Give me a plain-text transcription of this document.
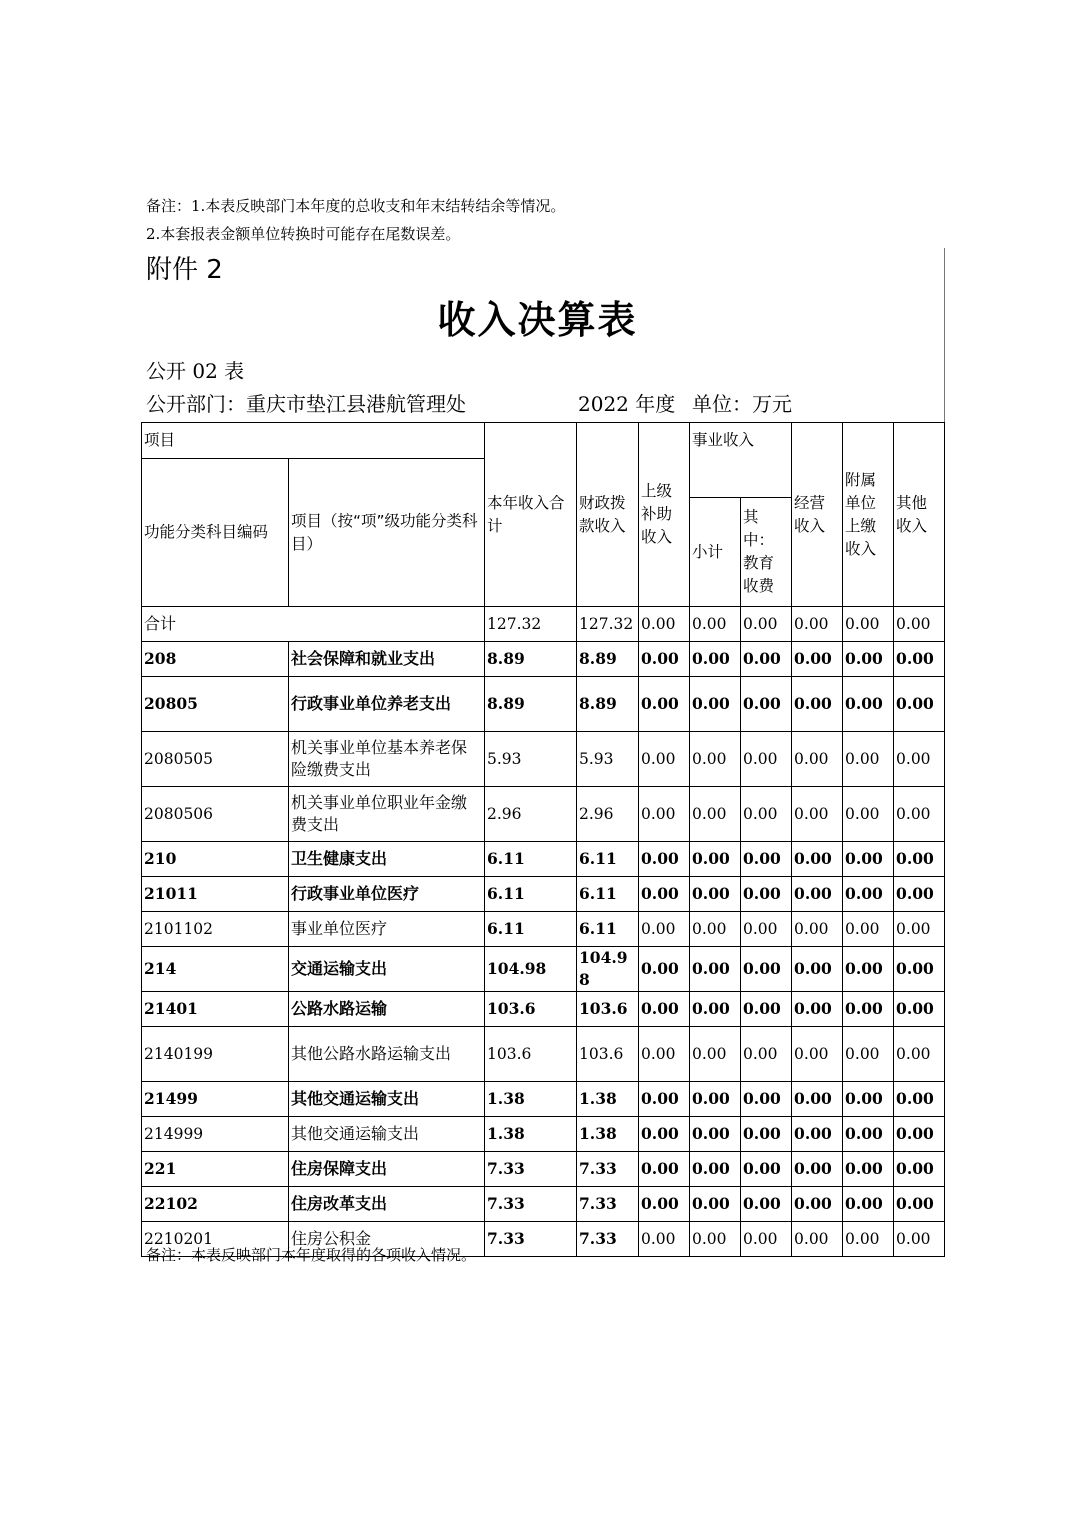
备注：1.本表反映部门本年度的总收支和年末结转结余等情况。
2.本套报表金额单位转换时可能存在尾数误差。
附件 2
收入决算表
公开 02 表
公开部门：重庆市垫江县港航管理处	2022 年度 单位：万元
项目		本年收入合计	财政拨款收入	上级补助收入	事业收入		经营收入	附属单位上缴收入	其他收入
功能分类科目编码	项目（按“项”级功能分类科目）								
					小计	其中：教育收费			
合计		127.32	127.32	0.00	0.00	0.00	0.00	0.00	0.00
208	社会保障和就业支出	8.89	8.89	0.00	0.00	0.00	0.00	0.00	0.00
20805	行政事业单位养老支出	8.89	8.89	0.00	0.00	0.00	0.00	0.00	0.00
2080505	机关事业单位基本养老保险缴费支出	5.93	5.93	0.00	0.00	0.00	0.00	0.00	0.00
2080506	机关事业单位职业年金缴费支出	2.96	2.96	0.00	0.00	0.00	0.00	0.00	0.00
210	卫生健康支出	6.11	6.11	0.00	0.00	0.00	0.00	0.00	0.00
21011	行政事业单位医疗	6.11	6.11	0.00	0.00	0.00	0.00	0.00	0.00
2101102	事业单位医疗	6.11	6.11	0.00	0.00	0.00	0.00	0.00	0.00
214	交通运输支出	104.98	104.98	0.00	0.00	0.00	0.00	0.00	0.00
21401	公路水路运输	103.6	103.6	0.00	0.00	0.00	0.00	0.00	0.00
2140199	其他公路水路运输支出	103.6	103.6	0.00	0.00	0.00	0.00	0.00	0.00
21499	其他交通运输支出	1.38	1.38	0.00	0.00	0.00	0.00	0.00	0.00
214999	其他交通运输支出	1.38	1.38	0.00	0.00	0.00	0.00	0.00	0.00
221	住房保障支出	7.33	7.33	0.00	0.00	0.00	0.00	0.00	0.00
22102	住房改革支出	7.33	7.33	0.00	0.00	0.00	0.00	0.00	0.00
2210201	住房公积金	7.33	7.33	0.00	0.00	0.00	0.00	0.00	0.00
备注：本表反映部门本年度取得的各项收入情况。
